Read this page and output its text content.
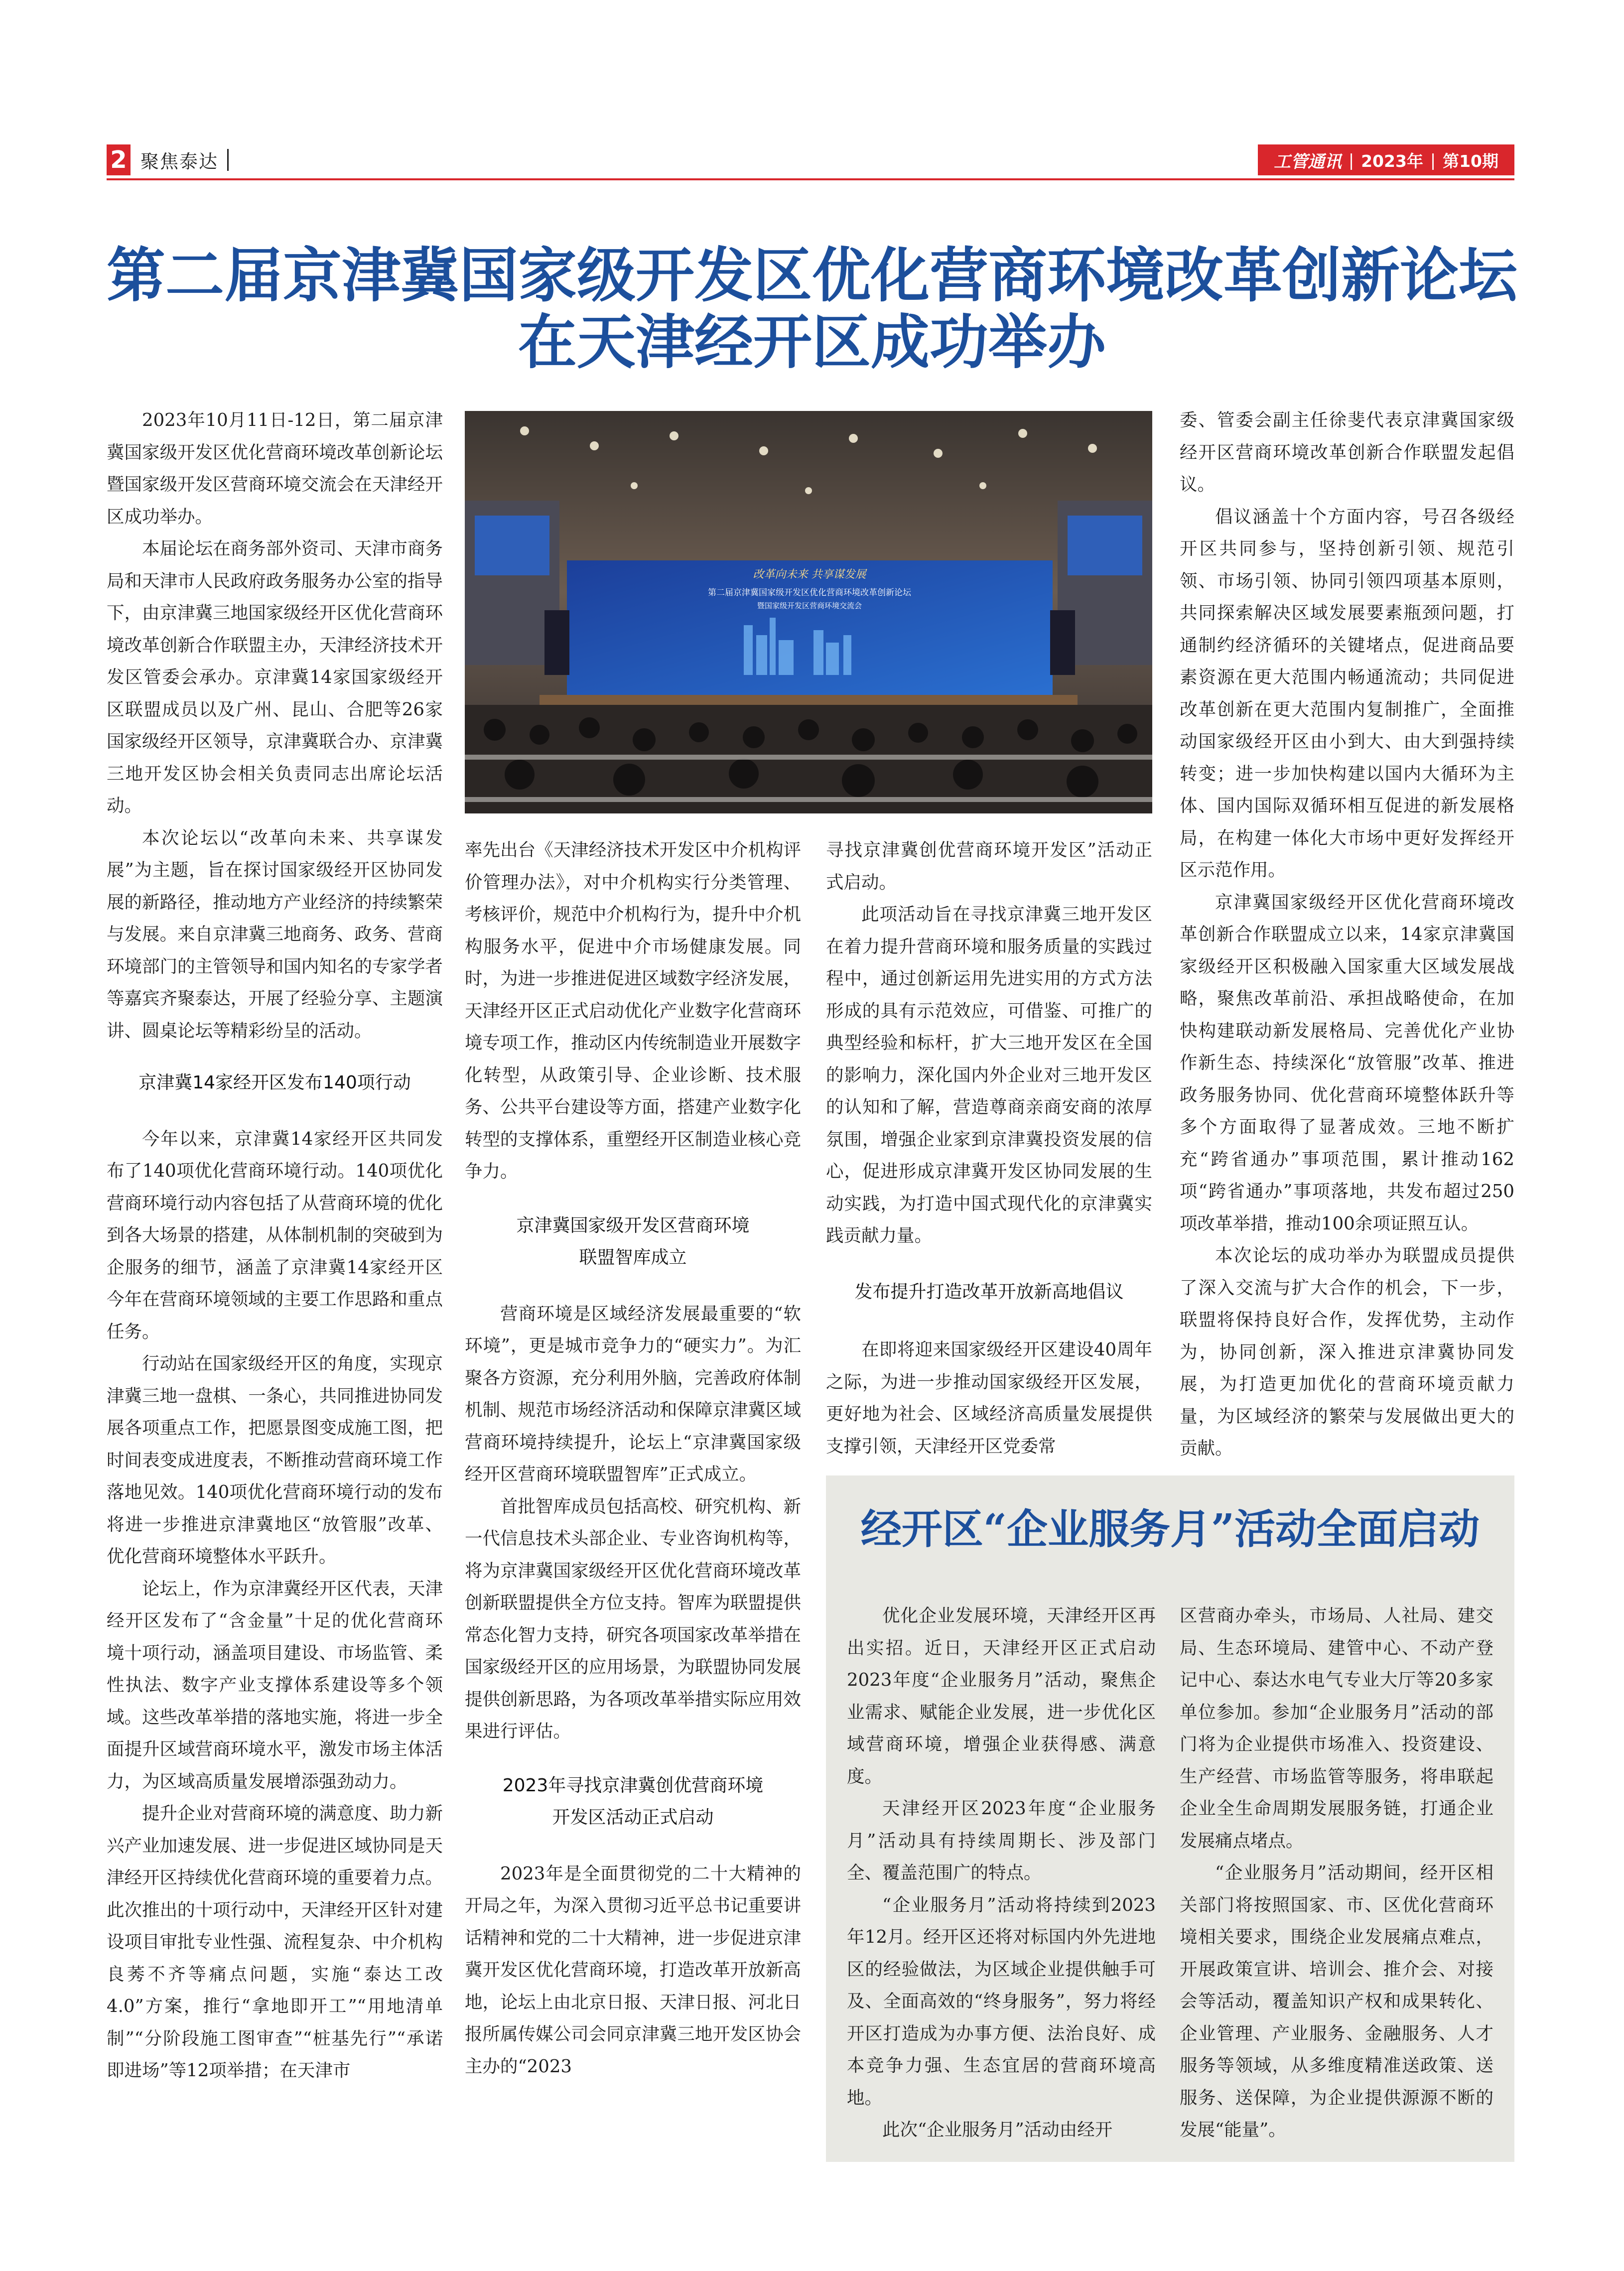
2 聚焦泰达	工管通讯 | 2023年 | 第10期
第二届京津冀国家级开发区优化营商环境改革创新论坛
在天津经开区成功举办

2023年10月11日-12日，第二届京津冀国家级开发区优化营商环境改革创新论坛暨国家级开发区营商环境交流会在天津经开区成功举办。

本届论坛在商务部外资司、天津市商务局和天津市人民政府政务服务办公室的指导下，由京津冀三地国家级经开区优化营商环境改革创新合作联盟主办，天津经济技术开发区管委会承办。京津冀14家国家级经开区联盟成员以及广州、昆山、合肥等26家国家级经开区领导，京津冀联合办、京津冀三地开发区协会相关负责同志出席论坛活动。

本次论坛以“改革向未来、共享谋发展”为主题，旨在探讨国家级经开区协同发展的新路径，推动地方产业经济的持续繁荣与发展。来自京津冀三地商务、政务、营商环境部门的主管领导和国内知名的专家学者等嘉宾齐聚泰达，开展了经验分享、主题演讲、圆桌论坛等精彩纷呈的活动。

京津冀14家经开区发布140项行动

今年以来，京津冀14家经开区共同发布了140项优化营商环境行动。140项优化营商环境行动内容包括了从营商环境的优化到各大场景的搭建，从体制机制的突破到为企服务的细节，涵盖了京津冀14家经开区今年在营商环境领域的主要工作思路和重点任务。

行动站在国家级经开区的角度，实现京津冀三地一盘棋、一条心，共同推进协同发展各项重点工作，把愿景图变成施工图，把时间表变成进度表，不断推动营商环境工作落地见效。140项优化营商环境行动的发布将进一步推进京津冀地区“放管服”改革、优化营商环境整体水平跃升。

论坛上，作为京津冀经开区代表，天津经开区发布了“含金量”十足的优化营商环境十项行动，涵盖项目建设、市场监管、柔性执法、数字产业支撑体系建设等多个领域。这些改革举措的落地实施，将进一步全面提升区域营商环境水平，激发市场主体活力，为区域高质量发展增添强劲动力。

提升企业对营商环境的满意度、助力新兴产业加速发展、进一步促进区域协同是天津经开区持续优化营商环境的重要着力点。此次推出的十项行动中，天津经开区针对建设项目审批专业性强、流程复杂、中介机构良莠不齐等痛点问题，实施“泰达工改4.0”方案，推行“拿地即开工”“用地清单制”“分阶段施工图审查”“桩基先行”“承诺即进场”等12项举措；在天津市

改革向未来 共享谋发展
第二届京津冀国家级开发区优化营商环境改革创新论坛
暨国家级开发区营商环境交流会

率先出台《天津经济技术开发区中介机构评价管理办法》，对中介机构实行分类管理、考核评价，规范中介机构行为，提升中介机构服务水平，促进中介市场健康发展。同时，为进一步推进促进区域数字经济发展，天津经开区正式启动优化产业数字化营商环境专项工作，推动区内传统制造业开展数字化转型，从政策引导、企业诊断、技术服务、公共平台建设等方面，搭建产业数字化转型的支撑体系，重塑经开区制造业核心竞争力。

京津冀国家级开发区营商环境
联盟智库成立

营商环境是区域经济发展最重要的“软环境”，更是城市竞争力的“硬实力”。为汇聚各方资源，充分利用外脑，完善政府体制机制、规范市场经济活动和保障京津冀区域营商环境持续提升，论坛上“京津冀国家级经开区营商环境联盟智库”正式成立。

首批智库成员包括高校、研究机构、新一代信息技术头部企业、专业咨询机构等，将为京津冀国家级经开区优化营商环境改革创新联盟提供全方位支持。智库为联盟提供常态化智力支持，研究各项国家改革举措在国家级经开区的应用场景，为联盟协同发展提供创新思路，为各项改革举措实际应用效果进行评估。

2023年寻找京津冀创优营商环境
开发区活动正式启动

2023年是全面贯彻党的二十大精神的开局之年，为深入贯彻习近平总书记重要讲话精神和党的二十大精神，进一步促进京津冀开发区优化营商环境，打造改革开放新高地，论坛上由北京日报、天津日报、河北日报所属传媒公司会同京津冀三地开发区协会主办的“2023

寻找京津冀创优营商环境开发区”活动正式启动。

此项活动旨在寻找京津冀三地开发区在着力提升营商环境和服务质量的实践过程中，通过创新运用先进实用的方式方法形成的具有示范效应，可借鉴、可推广的典型经验和标杆，扩大三地开发区在全国的影响力，深化国内外企业对三地开发区的认知和了解，营造尊商亲商安商的浓厚氛围，增强企业家到京津冀投资发展的信心，促进形成京津冀开发区协同发展的生动实践，为打造中国式现代化的京津冀实践贡献力量。

发布提升打造改革开放新高地倡议

在即将迎来国家级经开区建设40周年之际，为进一步推动国家级经开区发展，更好地为社会、区域经济高质量发展提供支撑引领，天津经开区党委常

委、管委会副主任徐斐代表京津冀国家级经开区营商环境改革创新合作联盟发起倡议。

倡议涵盖十个方面内容，号召各级经开区共同参与，坚持创新引领、规范引领、市场引领、协同引领四项基本原则，共同探索解决区域发展要素瓶颈问题，打通制约经济循环的关键堵点，促进商品要素资源在更大范围内畅通流动；共同促进改革创新在更大范围内复制推广，全面推动国家级经开区由小到大、由大到强持续转变；进一步加快构建以国内大循环为主体、国内国际双循环相互促进的新发展格局，在构建一体化大市场中更好发挥经开区示范作用。

京津冀国家级经开区优化营商环境改革创新合作联盟成立以来，14家京津冀国家级经开区积极融入国家重大区域发展战略，聚焦改革前沿、承担战略使命，在加快构建联动新发展格局、完善优化产业协作新生态、持续深化“放管服”改革、推进政务服务协同、优化营商环境整体跃升等多个方面取得了显著成效。三地不断扩充“跨省通办”事项范围，累计推动162项“跨省通办”事项落地，共发布超过250项改革举措，推动100余项证照互认。

本次论坛的成功举办为联盟成员提供了深入交流与扩大合作的机会，下一步，联盟将保持良好合作，发挥优势，主动作为，协同创新，深入推进京津冀协同发展，为打造更加优化的营商环境贡献力量，为区域经济的繁荣与发展做出更大的贡献。

经开区“企业服务月”活动全面启动

优化企业发展环境，天津经开区再出实招。近日，天津经开区正式启动2023年度“企业服务月”活动，聚焦企业需求、赋能企业发展，进一步优化区域营商环境，增强企业获得感、满意度。

天津经开区2023年度“企业服务月”活动具有持续周期长、涉及部门全、覆盖范围广的特点。

“企业服务月”活动将持续到2023年12月。经开区还将对标国内外先进地区的经验做法，为区域企业提供触手可及、全面高效的“终身服务”，努力将经开区打造成为办事方便、法治良好、成本竞争力强、生态宜居的营商环境高地。

此次“企业服务月”活动由经开

区营商办牵头，市场局、人社局、建交局、生态环境局、建管中心、不动产登记中心、泰达水电气专业大厅等20多家单位参加。参加“企业服务月”活动的部门将为企业提供市场准入、投资建设、生产经营、市场监管等服务，将串联起企业全生命周期发展服务链，打通企业发展痛点堵点。

“企业服务月”活动期间，经开区相关部门将按照国家、市、区优化营商环境相关要求，围绕企业发展痛点难点，开展政策宣讲、培训会、推介会、对接会等活动，覆盖知识产权和成果转化、企业管理、产业服务、金融服务、人才服务等领域，从多维度精准送政策、送服务、送保障，为企业提供源源不断的发展“能量”。
